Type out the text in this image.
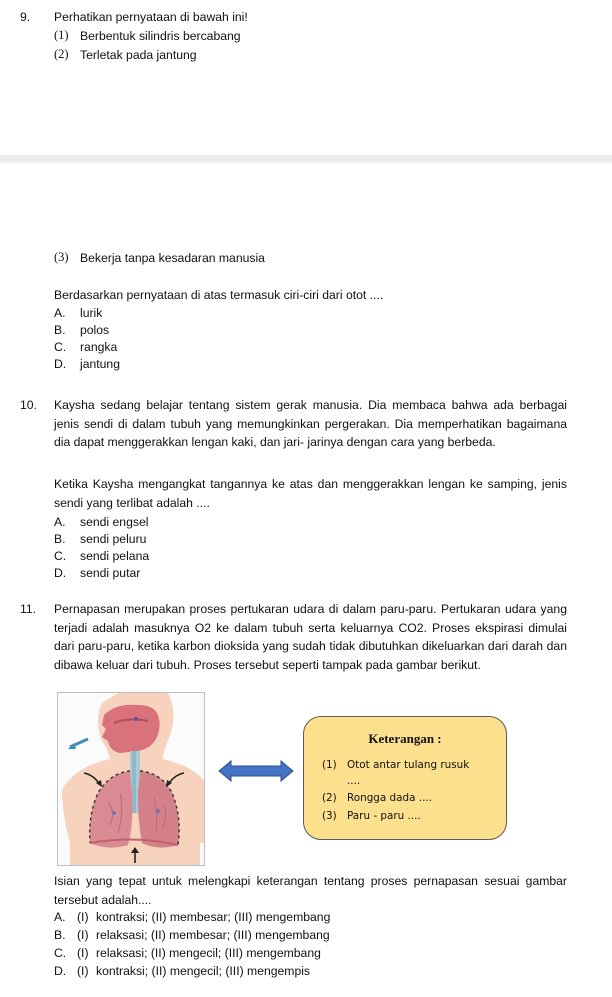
9. Perhatikan pernyataan di bawah ini!
(1) Berbentuk silindris bercabang
(2) Terletak pada jantung
(3) Bekerja tanpa kesadaran manusia
Berdasarkan pernyataan di atas termasuk ciri-ciri dari otot ....
A. lurik
B. polos
C. rangka
D. jantung
10. Kaysha sedang belajar tentang sistem gerak manusia. Dia membaca bahwa ada berbagai jenis sendi di dalam tubuh yang memungkinkan pergerakan. Dia memperhatikan bagaimana dia dapat menggerakkan lengan kaki, dan jari- jarinya dengan cara yang berbeda.

Ketika Kaysha mengangkat tangannya ke atas dan menggerakkan lengan ke samping, jenis sendi yang terlibat adalah ....

A. sendi engsel
B. sendi peluru
C. sendi pelana
D. sendi putar
11. Pernapasan merupakan proses pertukaran udara di dalam paru-paru. Pertukaran udara yang terjadi adalah masuknya O2 ke dalam tubuh serta keluarnya CO2. Proses ekspirasi dimulai dari paru-paru, ketika karbon dioksida yang sudah tidak dibutuhkan dikeluarkan dari darah dan dibawa keluar dari tubuh. Proses tersebut seperti tampak pada gambar berikut.

Keterangan :
(1) Otot antar tulang rusuk
....
(2) Rongga dada ....
(3) Paru - paru ....

Isian yang tepat untuk melengkapi keterangan tentang proses pernapasan sesuai gambar tersebut adalah....

A. (I) kontraksi; (II) membesar; (III) mengembang
B. (I) relaksasi; (II) membesar; (III) mengembang
C. (I) relaksasi; (II) mengecil; (III) mengembang
D. (I) kontraksi; (II) mengecil; (III) mengempis
